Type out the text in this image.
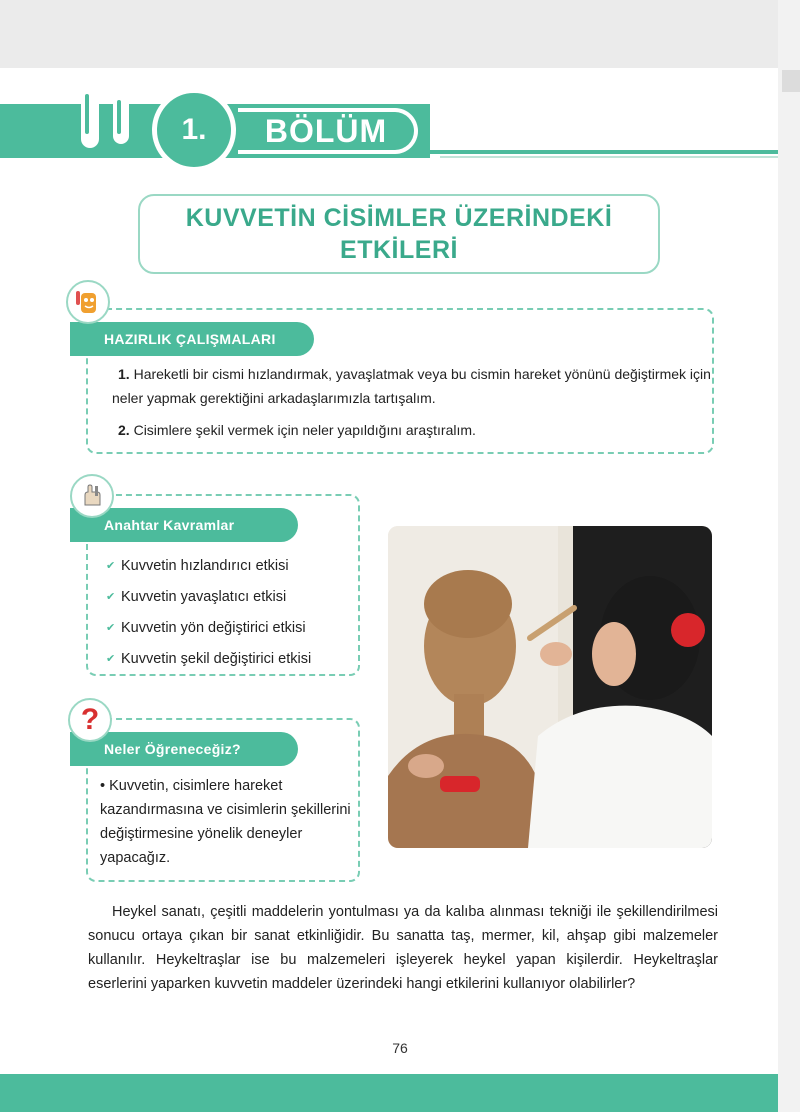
1. BÖLÜM
KUVVETİN CİSİMLER ÜZERİNDEKİ
ETKİLERİ
HAZIRLIK ÇALIŞMALARI

1. Hareketli bir cismi hızlandırmak, yavaşlatmak veya bu cismin hareket yönünü değiştirmek için neler yapmak gerektiğini arkadaşlarımızla tartışalım.

2. Cisimlere şekil vermek için neler yapıldığını araştıralım.

Anahtar Kavramlar
✔ Kuvvetin hızlandırıcı etkisi
✔ Kuvvetin yavaşlatıcı etkisi
✔ Kuvvetin yön değiştirici etkisi
✔ Kuvvetin şekil değiştirici etkisi
Neler Öğreneceğiz?
?
• Kuvvetin, cisimlere hareket kazandırmasına ve cisimlerin şekillerini değiştirmesine yönelik deneyler yapacağız.
Heykel sanatı, çeşitli maddelerin yontulması ya da kalıba alınması tekniği ile şekillendirilmesi sonucu ortaya çıkan bir sanat etkinliğidir. Bu sanatta taş, mermer, kil, ahşap gibi malzemeler kullanılır. Heykeltraşlar ise bu malzemeleri işleyerek heykel yapan kişilerdir. Heykeltraşlar eserlerini yaparken kuvvetin maddeler üzerindeki hangi etkilerini kullanıyor olabilirler?
76
